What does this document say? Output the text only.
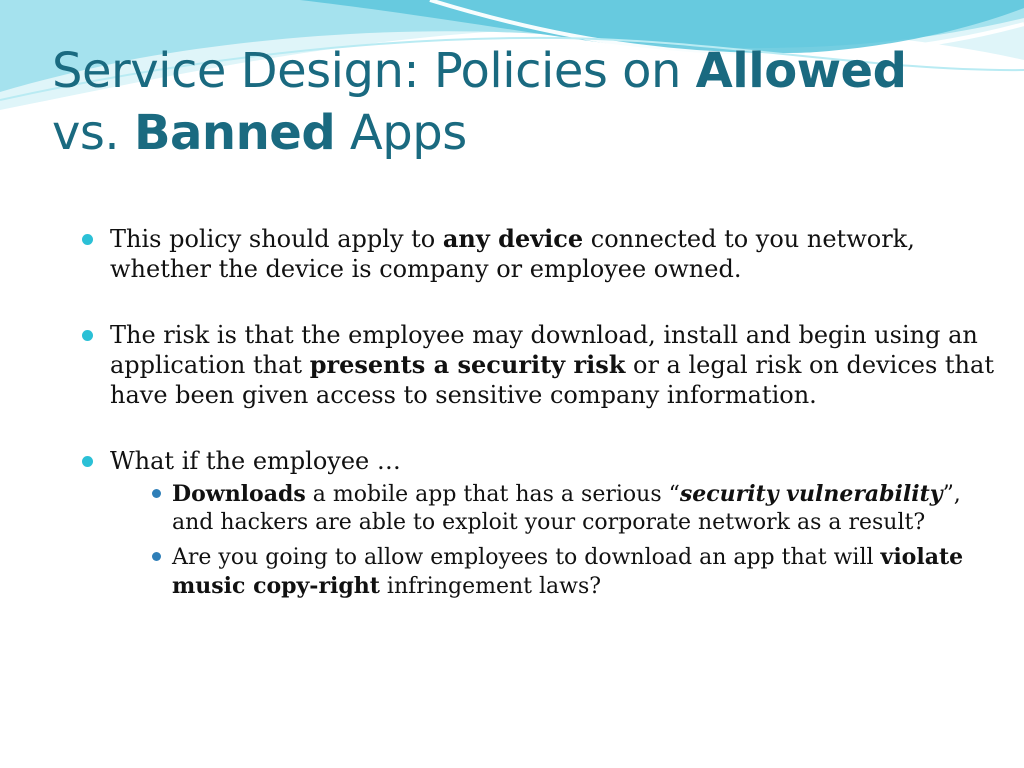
Service Design: Policies on Allowed
vs. Banned Apps
This policy should apply to any device connected to you network, whether the device is company or employee owned.
The risk is that the employee may download, install and begin using an application that presents a security risk or a legal risk on devices that have been given access to sensitive company information.
What if the employee …
Downloads a mobile app that has a serious “security vulnerability”, and hackers are able to exploit your corporate network as a result?
Are you going to allow employees to download an app that will violate music copy-right infringement laws?
